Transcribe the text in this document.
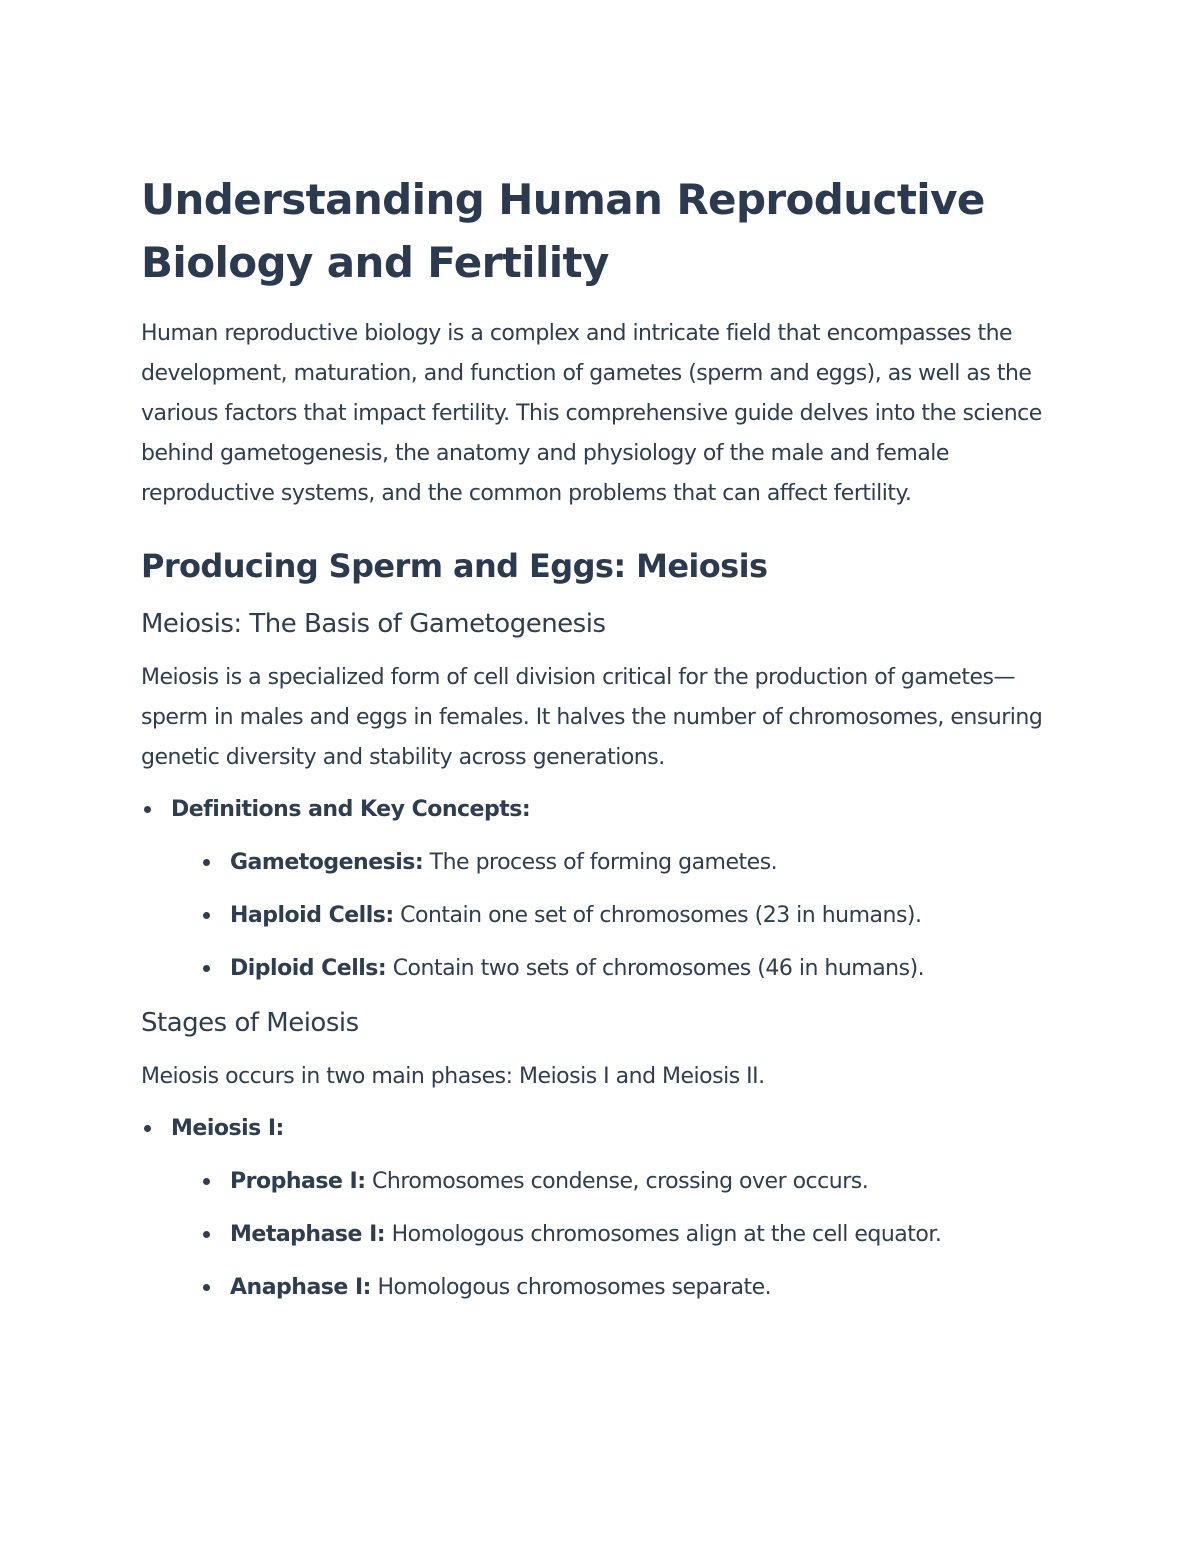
Understanding Human Reproductive Biology and Fertility

Human reproductive biology is a complex and intricate field that encompasses the development, maturation, and function of gametes (sperm and eggs), as well as the various factors that impact fertility. This comprehensive guide delves into the science behind gametogenesis, the anatomy and physiology of the male and female reproductive systems, and the common problems that can affect fertility.

Producing Sperm and Eggs: Meiosis
Meiosis: The Basis of Gametogenesis

Meiosis is a specialized form of cell division critical for the production of gametes—sperm in males and eggs in females. It halves the number of chromosomes, ensuring genetic diversity and stability across generations.

Definitions and Key Concepts:
Gametogenesis: The process of forming gametes.
Haploid Cells: Contain one set of chromosomes (23 in humans).
Diploid Cells: Contain two sets of chromosomes (46 in humans).
Stages of Meiosis

Meiosis occurs in two main phases: Meiosis I and Meiosis II.

Meiosis I:
Prophase I: Chromosomes condense, crossing over occurs.
Metaphase I: Homologous chromosomes align at the cell equator.
Anaphase I: Homologous chromosomes separate.
